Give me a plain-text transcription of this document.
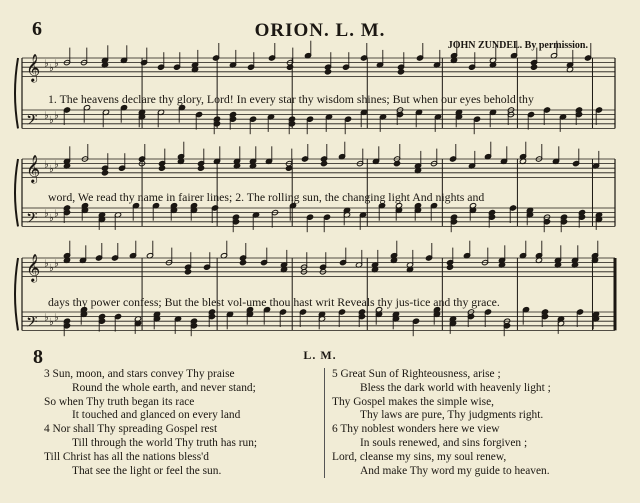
6	ORION. L. M.
JOHN ZUNDEL. By permission.
𝄞 ♭ ♭ ♭
𝄢 ♭ ♭ ♭
𝄞 ♭ ♭ ♭
𝄢 ♭ ♭ ♭
𝄞 ♭ ♭ ♭
𝄢 ♭ ♭ ♭
1. The heavens declare thy glory, Lord! In every star thy wisdom shines; But when our eyes behold thy
word, We read thy name in fairer lines; 2. The rolling sun, the changing light And nights and
days thy power confess; But the blest vol-ume thou hast writ Reveals thy jus-tice and thy grace.
8	L. M.
3 Sun, moon, and stars convey Thy praise
Round the whole earth, and never stand;
So when Thy truth began its race
It touched and glanced on every land
4 Nor shall Thy spreading Gospel rest
Till through the world Thy truth has run;
Till Christ has all the nations bless'd
That see the light or feel the sun.
5 Great Sun of Righteousness, arise ;
Bless the dark world with heavenly light ;
Thy Gospel makes the simple wise,
Thy laws are pure, Thy judgments right.
6 Thy noblest wonders here we view
In souls renewed, and sins forgiven ;
Lord, cleanse my sins, my soul renew,
And make Thy word my guide to heaven.
